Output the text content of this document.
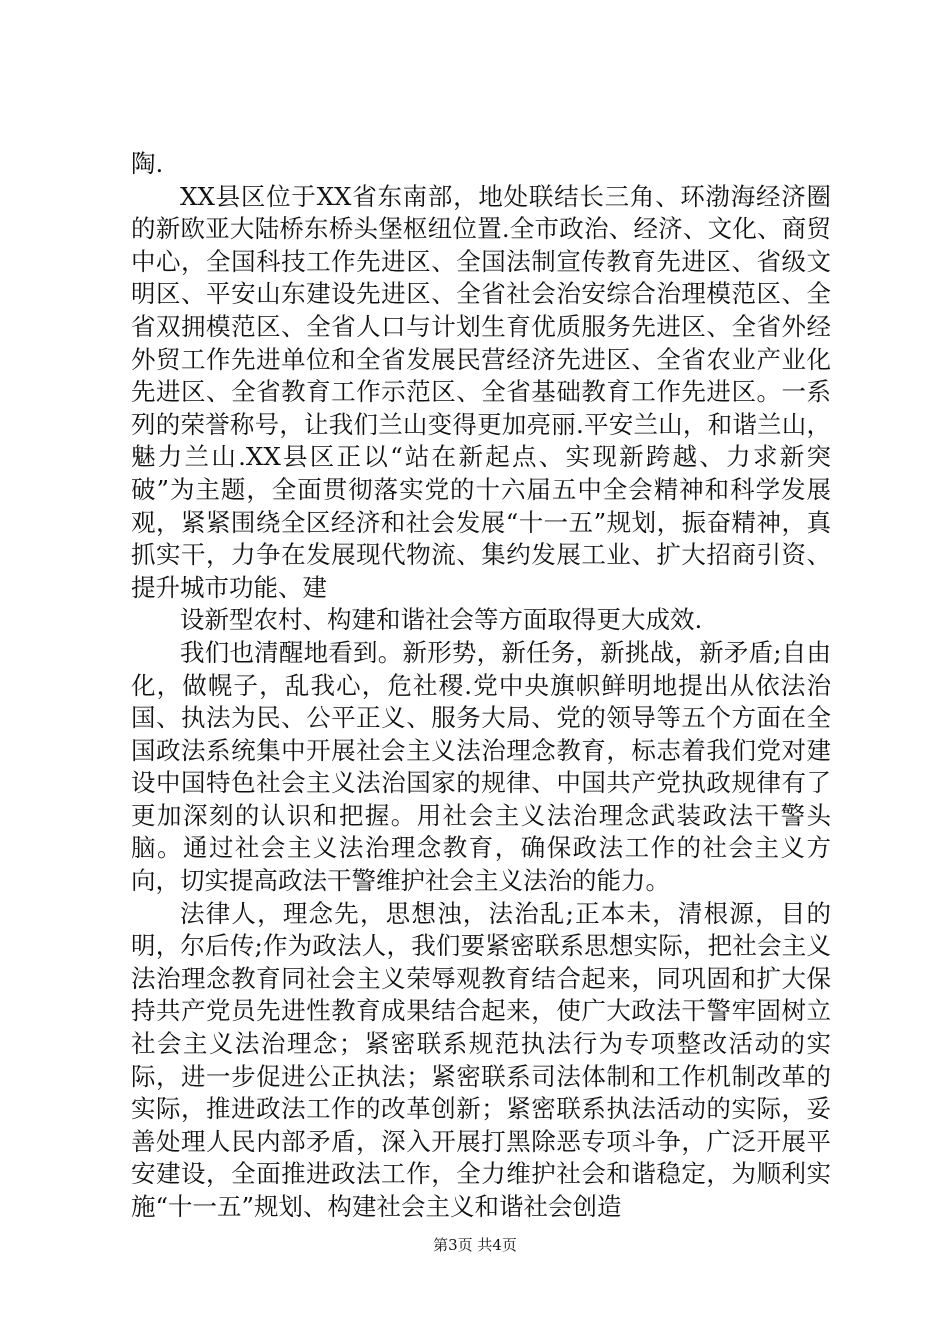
陶.

XX县区位于XX省东南部，地处联结长三角、环渤海经济圈的新欧亚大陆桥东桥头堡枢纽位置.全市政治、经济、文化、商贸中心，全国科技工作先进区、全国法制宣传教育先进区、省级文明区、平安山东建设先进区、全省社会治安综合治理模范区、全省双拥模范区、全省人口与计划生育优质服务先进区、全省外经外贸工作先进单位和全省发展民营经济先进区、全省农业产业化先进区、全省教育工作示范区、全省基础教育工作先进区。一系列的荣誉称号，让我们兰山变得更加亮丽.平安兰山，和谐兰山，魅力兰山.XX县区正以“站在新起点、实现新跨越、力求新突破”为主题，全面贯彻落实党的十六届五中全会精神和科学发展观，紧紧围绕全区经济和社会发展“十一五”规划，振奋精神，真抓实干，力争在发展现代物流、集约发展工业、扩大招商引资、提升城市功能、建

设新型农村、构建和谐社会等方面取得更大成效.

我们也清醒地看到。新形势，新任务，新挑战，新矛盾;自由化，做幌子，乱我心，危社稷.党中央旗帜鲜明地提出从依法治国、执法为民、公平正义、服务大局、党的领导等五个方面在全国政法系统集中开展社会主义法治理念教育，标志着我们党对建设中国特色社会主义法治国家的规律、中国共产党执政规律有了更加深刻的认识和把握。用社会主义法治理念武装政法干警头脑。通过社会主义法治理念教育，确保政法工作的社会主义方向，切实提高政法干警维护社会主义法治的能力。

法律人，理念先，思想浊，法治乱;正本未，清根源，目的明，尔后传;作为政法人，我们要紧密联系思想实际，把社会主义法治理念教育同社会主义荣辱观教育结合起来，同巩固和扩大保持共产党员先进性教育成果结合起来，使广大政法干警牢固树立社会主义法治理念；紧密联系规范执法行为专项整改活动的实际，进一步促进公正执法；紧密联系司法体制和工作机制改革的实际，推进政法工作的改革创新；紧密联系执法活动的实际，妥善处理人民内部矛盾，深入开展打黑除恶专项斗争，广泛开展平安建设，全面推进政法工作，全力维护社会和谐稳定，为顺利实施“十一五”规划、构建社会主义和谐社会创造

第3页 共4页
